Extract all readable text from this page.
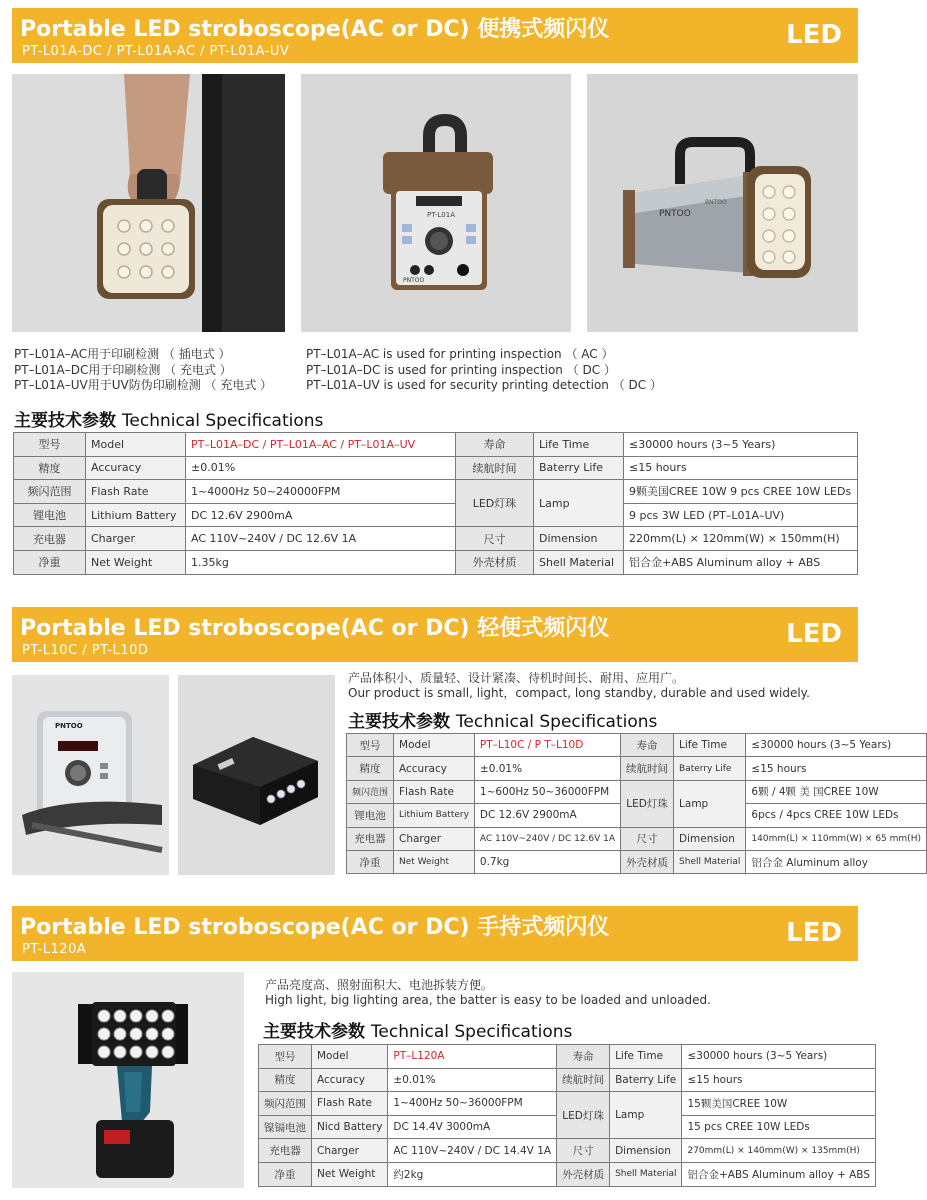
Portable LED stroboscope(AC or DC) 便携式频闪仪
PT-L01A-DC / PT-L01A-AC / PT-L01A-UV
LED
PT-L01A
PNTOO
PNTOO
BNTOO
PT–L01A–AC用于印刷检测 （ 插电式 ）
PT–L01A–DC用于印刷检测 （ 充电式 ）
PT–L01A–UV用于UV防伪印刷检测 （ 充电式 ）
PT–L01A–AC is used for printing inspection （ AC ）
PT–L01A–DC is used for printing inspection （ DC ）
PT–L01A–UV is used for security printing detection （ DC ）
主要技术参数 Technical Specifications
型号	Model	PT–L01A–DC / PT–L01A–AC / PT–L01A–UV	寿命	Life Time	≤30000 hours (3~5 Years)
精度	Accuracy	±0.01%	续航时间	Baterry Life	≤15 hours
频闪范围	Flash Rate	1~4000Hz 50~240000FPM	LED灯珠	Lamp	9颗美国CREE 10W 9 pcs CREE 10W LEDs
锂电池	Lithium Battery	DC 12.6V 2900mA			9 pcs 3W LED (PT–L01A–UV)
充电器	Charger	AC 110V~240V / DC 12.6V 1A	尺寸	Dimension	220mm(L) × 120mm(W) × 150mm(H)
净重	Net Weight	1.35kg	外壳材质	Shell Material	铝合金+ABS Aluminum alloy + ABS
Portable LED stroboscope(AC or DC) 轻便式频闪仪
PT-L10C / PT-L10D
LED
PNTOO
产品体积小、质量轻、设计紧凑、待机时间长、耐用、应用广。
Our product is small, light，compact, long standby, durable and used widely.
主要技术参数 Technical Specifications
型号	Model	PT–L10C / P T–L10D	寿命	Life Time	≤30000 hours (3~5 Years)
精度	Accuracy	±0.01%	续航时间	Baterry Life	≤15 hours
频闪范围	Flash Rate	1~600Hz 50~36000FPM	LED灯珠	Lamp	6颗 / 4颗 美 国CREE 10W
锂电池	Lithium Battery	DC 12.6V 2900mA			6pcs / 4pcs CREE 10W LEDs
充电器	Charger	AC 110V~240V / DC 12.6V 1A	尺寸	Dimension	140mm(L) × 110mm(W) × 65 mm(H)
净重	Net Weight	0.7kg	外壳材质	Shell Material	铝合金 Aluminum alloy
Portable LED stroboscope(AC or DC) 手持式频闪仪
PT-L120A
LED
产品亮度高、照射面积大、电池拆装方便。
High light, big lighting area, the batter is easy to be loaded and unloaded.
主要技术参数 Technical Specifications
型号	Model	PT–L120A	寿命	Life Time	≤30000 hours (3~5 Years)
精度	Accuracy	±0.01%	续航时间	Baterry Life	≤15 hours
频闪范围	Flash Rate	1~400Hz 50~36000FPM	LED灯珠	Lamp	15颗美国CREE 10W
镍镉电池	Nicd Battery	DC 14.4V 3000mA			15 pcs CREE 10W LEDs
充电器	Charger	AC 110V~240V / DC 14.4V 1A	尺寸	Dimension	270mm(L) × 140mm(W) × 135mm(H)
净重	Net Weight	约2kg	外壳材质	Shell Material	铝合金+ABS Aluminum alloy + ABS
